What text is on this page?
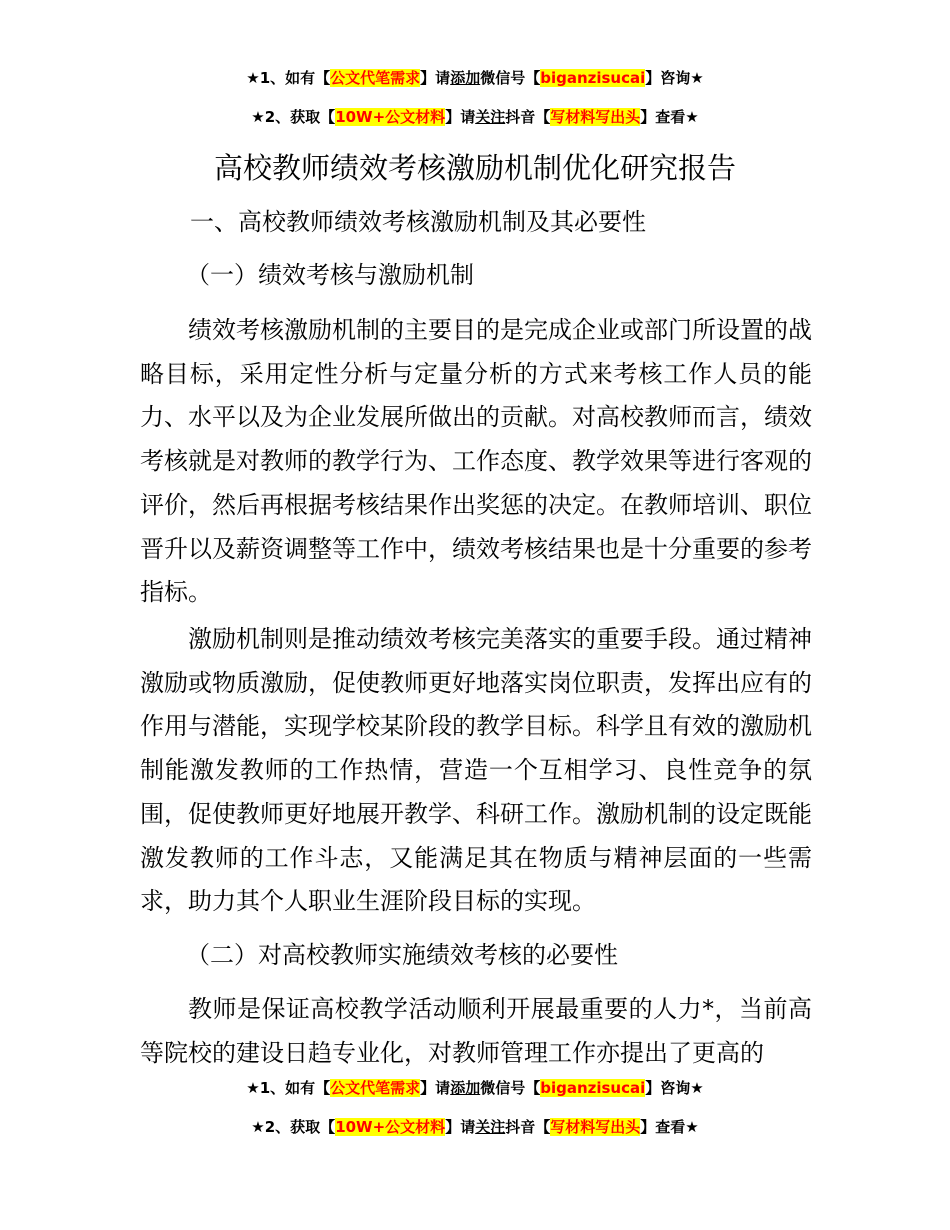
★1、如有【公文代笔需求】请添加微信号【biganzisucai】咨询★
★2、获取【10W+公文材料】请关注抖音【写材料写出头】查看★
高校教师绩效考核激励机制优化研究报告
一、高校教师绩效考核激励机制及其必要性
（一）绩效考核与激励机制

绩效考核激励机制的主要目的是完成企业或部门所设置的战略目标，采用定性分析与定量分析的方式来考核工作人员的能力、水平以及为企业发展所做出的贡献。对高校教师而言，绩效考核就是对教师的教学行为、工作态度、教学效果等进行客观的评价，然后再根据考核结果作出奖惩的决定。在教师培训、职位晋升以及薪资调整等工作中，绩效考核结果也是十分重要的参考指标。

激励机制则是推动绩效考核完美落实的重要手段。通过精神激励或物质激励，促使教师更好地落实岗位职责，发挥出应有的作用与潜能，实现学校某阶段的教学目标。科学且有效的激励机制能激发教师的工作热情，营造一个互相学习、良性竞争的氛围，促使教师更好地展开教学、科研工作。激励机制的设定既能激发教师的工作斗志，又能满足其在物质与精神层面的一些需求，助力其个人职业生涯阶段目标的实现。

（二）对高校教师实施绩效考核的必要性

教师是保证高校教学活动顺利开展最重要的人力*，当前高等院校的建设日趋专业化，对教师管理工作亦提出了更高的

★1、如有【公文代笔需求】请添加微信号【biganzisucai】咨询★
★2、获取【10W+公文材料】请关注抖音【写材料写出头】查看★
